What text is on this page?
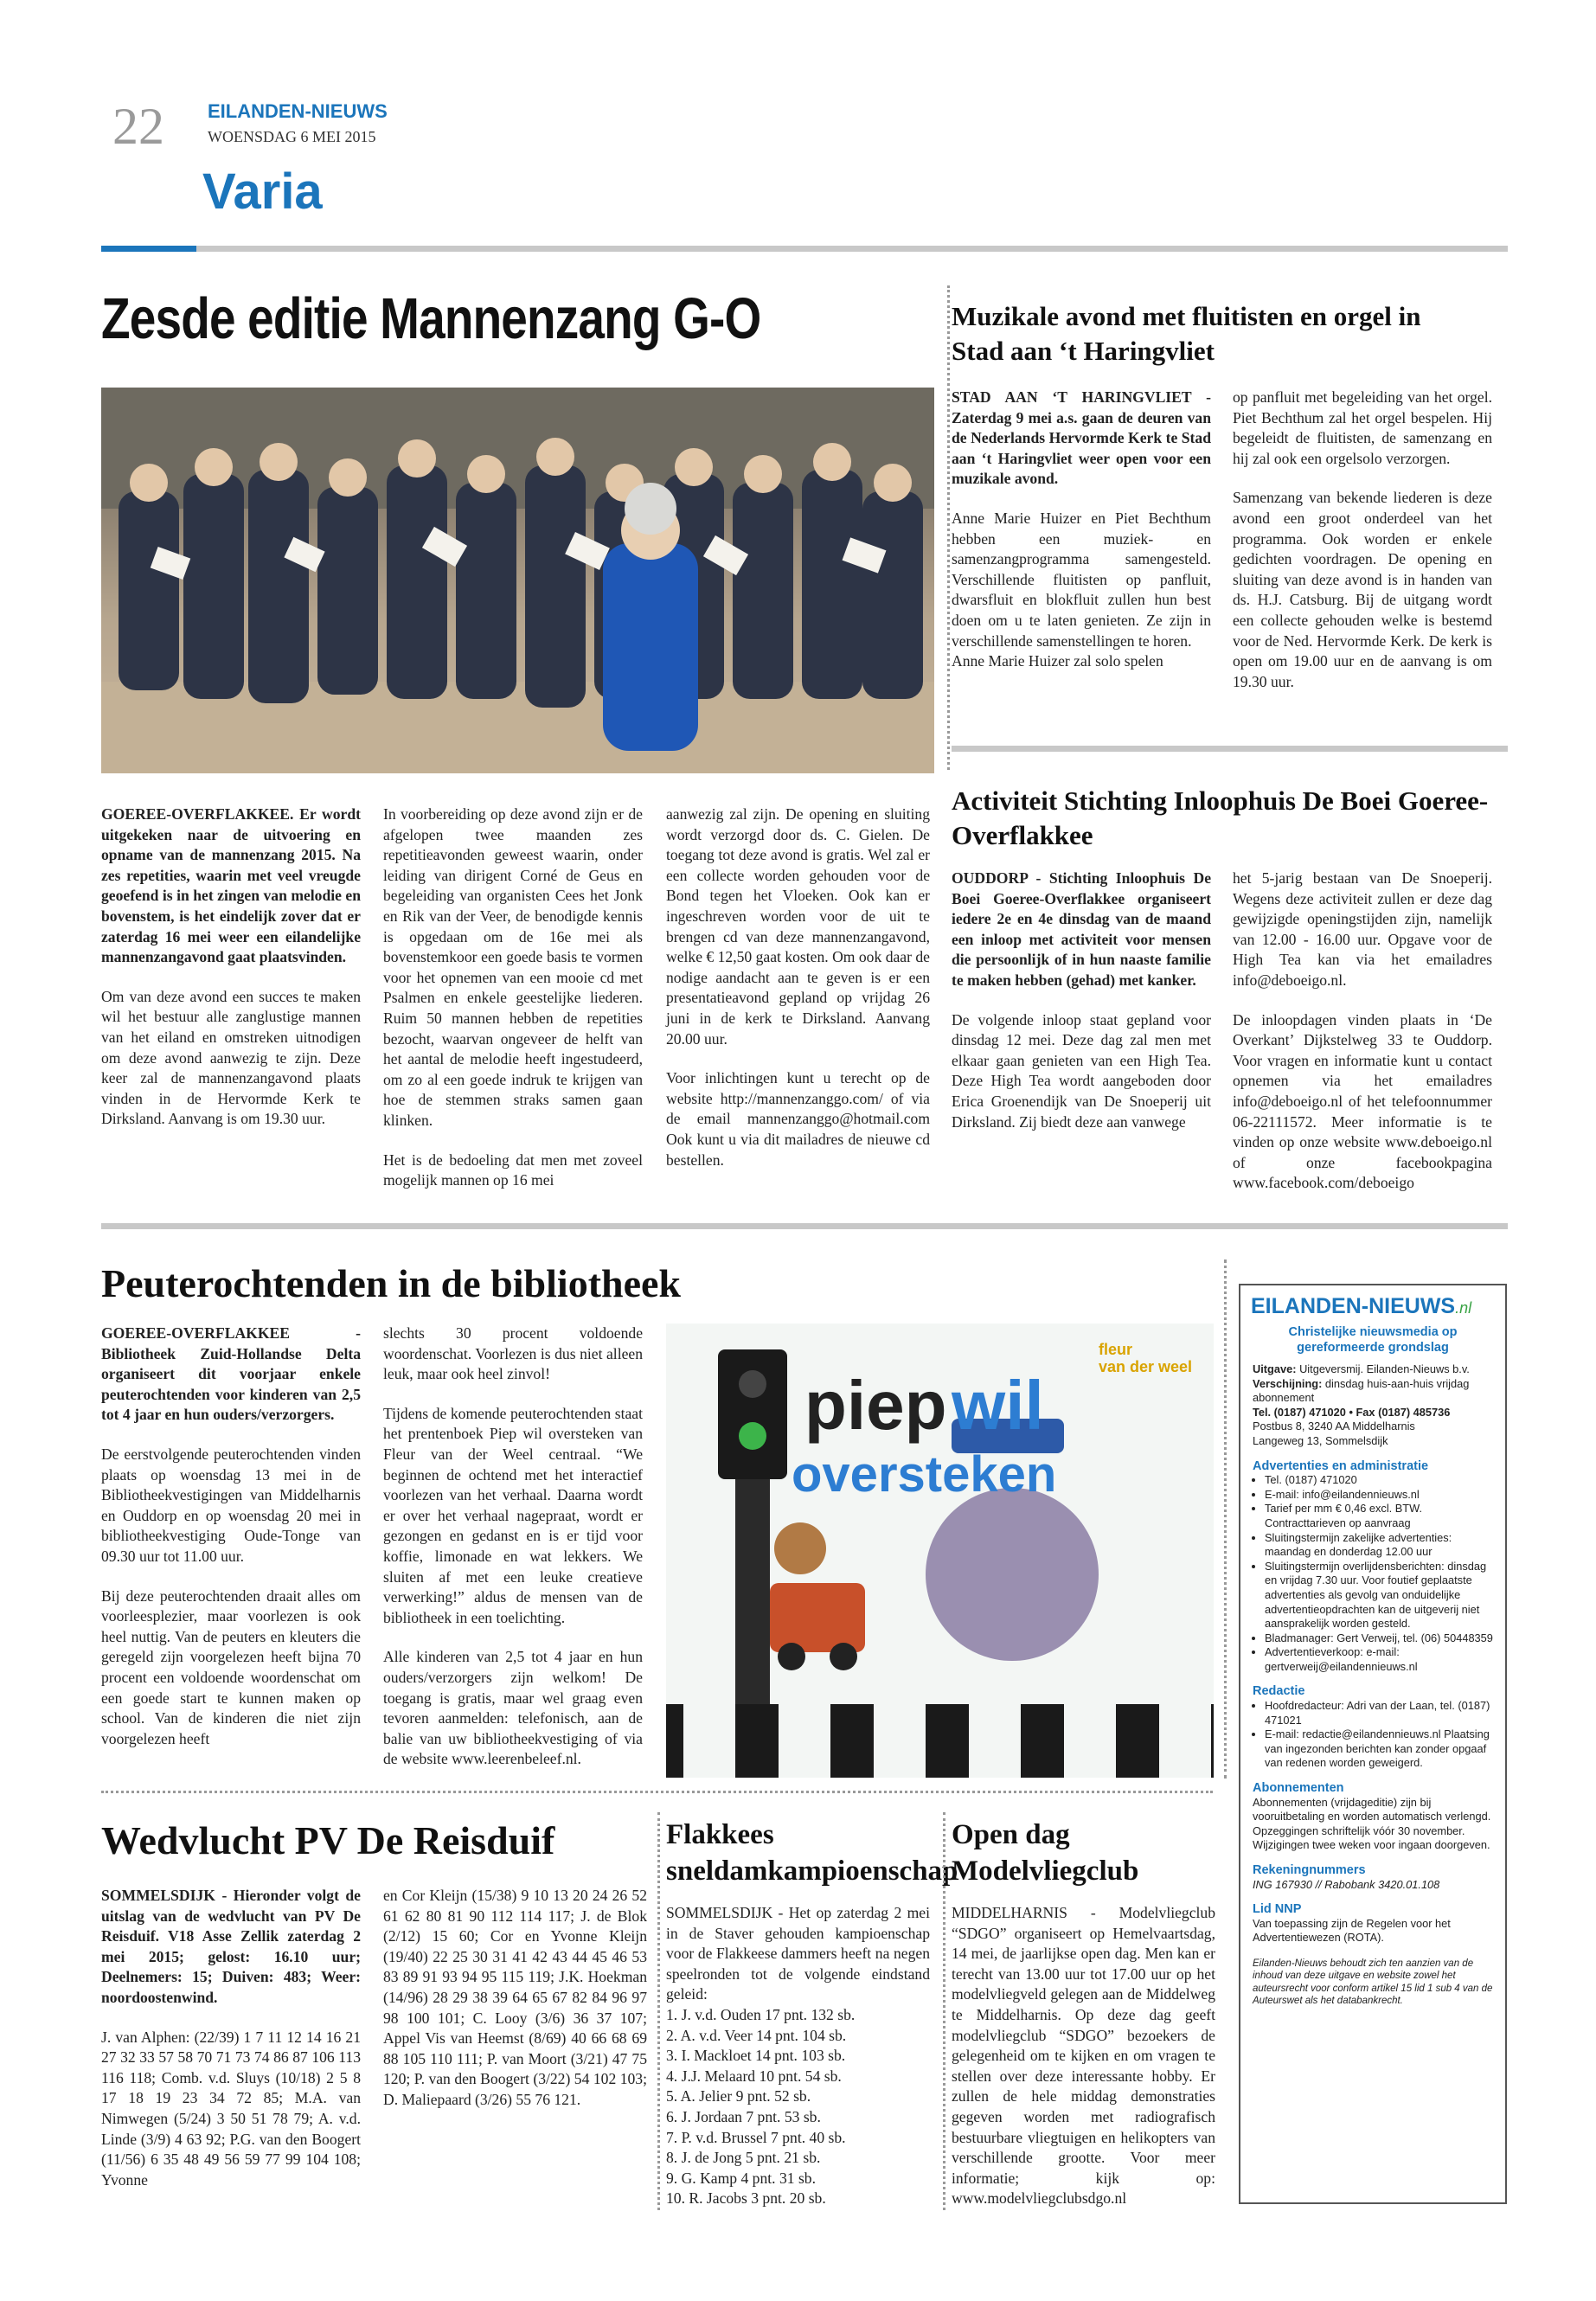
22 EILANDEN-NIEUWS
WOENSDAG 6 MEI 2015
Varia
Zesde editie Mannenzang G-O

GOEREE-OVERFLAKKEE. Er wordt uitgekeken naar de uitvoering en opname van de mannenzang 2015. Na zes repetities, waarin met veel vreugde geoefend is in het zingen van melodie en bovenstem, is het eindelijk zover dat er zaterdag 16 mei weer een eilandelijke mannenzangavond gaat plaatsvinden.

Om van deze avond een succes te maken wil het bestuur alle zanglustige mannen van het eiland en omstreken uitnodigen om deze avond aanwezig te zijn. Deze keer zal de mannenzangavond plaats vinden in de Hervormde Kerk te Dirksland. Aanvang is om 19.30 uur.

In voorbereiding op deze avond zijn er de afgelopen twee maanden zes repetitieavonden geweest waarin, onder leiding van dirigent Corné de Geus en begeleiding van organisten Cees het Jonk en Rik van der Veer, de benodigde kennis is opgedaan om de 16e mei als bovenstemkoor een goede basis te vormen voor het opnemen van een mooie cd met Psalmen en enkele geestelijke liederen. Ruim 50 mannen hebben de repetities bezocht, waarvan ongeveer de helft van het aantal de melodie heeft ingestudeerd, om zo al een goede indruk te krijgen van hoe de stemmen straks samen gaan klinken.

Het is de bedoeling dat men met zoveel mogelijk mannen op 16 mei

aanwezig zal zijn. De opening en sluiting wordt verzorgd door ds. C. Gielen. De toegang tot deze avond is gratis. Wel zal er een collecte worden gehouden voor de Bond tegen het Vloeken. Ook kan er ingeschreven worden voor de uit te brengen cd van deze mannenzangavond, welke € 12,50 gaat kosten. Om ook daar de nodige aandacht aan te geven is er een presentatieavond gepland op vrijdag 26 juni in de kerk te Dirksland. Aanvang 20.00 uur.

Voor inlichtingen kunt u terecht op de website http://mannenzanggo.com/ of via de email mannenzanggo@hotmail.com Ook kunt u via dit mailadres de nieuwe cd bestellen.

Muzikale avond met fluitisten en orgel in Stad aan ‘t Haringvliet

STAD AAN ‘T HARINGVLIET - Zaterdag 9 mei a.s. gaan de deuren van de Nederlands Hervormde Kerk te Stad aan ‘t Haringvliet weer open voor een muzikale avond.

Anne Marie Huizer en Piet Bechthum hebben een muziek- en samenzangprogramma samengesteld. Verschillende fluitisten op panfluit, dwarsfluit en blokfluit zullen hun best doen om u te laten genieten. Ze zijn in verschillende samenstellingen te horen.

Anne Marie Huizer zal solo spelen

op panfluit met begeleiding van het orgel. Piet Bechthum zal het orgel bespelen. Hij begeleidt de fluitisten, de samenzang en hij zal ook een orgelsolo verzorgen.

Samenzang van bekende liederen is deze avond een groot onderdeel van het programma. Ook worden er enkele gedichten voordragen. De opening en sluiting van deze avond is in handen van ds. H.J. Catsburg. Bij de uitgang wordt een collecte gehouden welke is bestemd voor de Ned. Hervormde Kerk. De kerk is open om 19.00 uur en de aanvang is om 19.30 uur.

Activiteit Stichting Inloophuis De Boei Goeree-Overflakkee

OUDDORP - Stichting Inloophuis De Boei Goeree-Overflakkee organiseert iedere 2e en 4e dinsdag van de maand een inloop met activiteit voor mensen die persoonlijk of in hun naaste familie te maken hebben (gehad) met kanker.

De volgende inloop staat gepland voor dinsdag 12 mei. Deze dag zal men met elkaar gaan genieten van een High Tea. Deze High Tea wordt aangeboden door Erica Groenendijk van De Snoeperij uit Dirksland. Zij biedt deze aan vanwege

het 5-jarig bestaan van De Snoeperij. Wegens deze activiteit zullen er deze dag gewijzigde openingstijden zijn, namelijk van 12.00 - 16.00 uur. Opgave voor de High Tea kan via het emailadres info@deboeigo.nl.

De inloopdagen vinden plaats in ‘De Overkant’ Dijkstelweg 33 te Ouddorp. Voor vragen en informatie kunt u contact opnemen via het emailadres info@deboeigo.nl of het telefoonnummer 06-22111572. Meer informatie is te vinden op onze website www.deboeigo.nl of onze facebookpagina www.facebook.com/deboeigo

Peuterochtenden in de bibliotheek

GOEREE-OVERFLAKKEE - Bibliotheek Zuid-Hollandse Delta organiseert dit voorjaar enkele peuterochtenden voor kinderen van 2,5 tot 4 jaar en hun ouders/verzorgers.

De eerstvolgende peuterochtenden vinden plaats op woensdag 13 mei in de Bibliotheekvestigingen van Middelharnis en Ouddorp en op woensdag 20 mei in bibliotheekvestiging Oude-Tonge van 09.30 uur tot 11.00 uur.

Bij deze peuterochtenden draait alles om voorleesplezier, maar voorlezen is ook heel nuttig. Van de peuters en kleuters die geregeld zijn voorgelezen heeft bijna 70 procent een voldoende woordenschat om een goede start te kunnen maken op school. Van de kinderen die niet zijn voorgelezen heeft

slechts 30 procent voldoende woordenschat. Voorlezen is dus niet alleen leuk, maar ook heel zinvol!

Tijdens de komende peuterochtenden staat het prentenboek Piep wil oversteken van Fleur van der Weel centraal. “We beginnen de ochtend met het interactief voorlezen van het verhaal. Daarna wordt er over het verhaal nagepraat, wordt er gezongen en gedanst en is er tijd voor koffie, limonade en wat lekkers. We sluiten af met een leuke creatieve verwerking!” aldus de mensen van de bibliotheek in een toelichting.

Alle kinderen van 2,5 tot 4 jaar en hun ouders/verzorgers zijn welkom! De toegang is gratis, maar wel graag even tevoren aanmelden: telefonisch, aan de balie van uw bibliotheekvestiging of via de website www.leerenbeleef.nl.

piep wil
oversteken
fleur
van der weel
EILANDEN-NIEUWS.nl
Christelijke nieuwsmedia op gereformeerde grondslag
Uitgave: Uitgeversmij. Eilanden-Nieuws b.v.
Verschijning: dinsdag huis-aan-huis vrijdag abonnement
Tel. (0187) 471020 • Fax (0187) 485736
Postbus 8, 3240 AA Middelharnis
Langeweg 13, Sommelsdijk
Advertenties en administratie
• Tel. (0187) 471020
• E-mail: info@eilandennieuws.nl
• Tarief per mm € 0,46 excl. BTW. Contracttarieven op aanvraag
• Sluitingstermijn zakelijke advertenties: maandag en donderdag 12.00 uur
• Sluitingstermijn overlijdensberichten: dinsdag en vrijdag 7.30 uur. Voor foutief geplaatste advertenties als gevolg van onduidelijke advertentieopdrachten kan de uitgeverij niet aansprakelijk worden gesteld.
• Bladmanager: Gert Verweij, tel. (06) 50448359
• Advertentieverkoop: e-mail: gertverweij@eilandennieuws.nl
Redactie
• Hoofdredacteur: Adri van der Laan, tel. (0187) 471021
• E-mail: redactie@eilandennieuws.nl Plaatsing van ingezonden berichten kan zonder opgaaf van redenen worden geweigerd.
Abonnementen
Abonnementen (vrijdageditie) zijn bij vooruitbetaling en worden automatisch verlengd. Opzeggingen schriftelijk vóór 30 november. Wijzigingen twee weken voor ingaan doorgeven.
Rekeningnummers
ING 167930 // Rabobank 3420.01.108
Lid NNP
Van toepassing zijn de Regelen voor het Advertentiewezen (ROTA).
Eilanden-Nieuws behoudt zich ten aanzien van de inhoud van deze uitgave en website zowel het auteursrecht voor conform artikel 15 lid 1 sub 4 van de Auteurswet als het databankrecht.
Wedvlucht PV De Reisduif

SOMMELSDIJK - Hieronder volgt de uitslag van de wedvlucht van PV De Reisduif. V18 Asse Zellik zaterdag 2 mei 2015; gelost: 16.10 uur; Deelnemers: 15; Duiven: 483; Weer: noordoostenwind.

J. van Alphen: (22/39) 1 7 11 12 14 16 21 27 32 33 57 58 70 71 73 74 86 87 106 113 116 118; Comb. v.d. Sluys (10/18) 2 5 8 17 18 19 23 34 72 85; M.A. van Nimwegen (5/24) 3 50 51 78 79; A. v.d. Linde (3/9) 4 63 92; P.G. van den Boogert (11/56) 6 35 48 49 56 59 77 99 104 108; Yvonne

en Cor Kleijn (15/38) 9 10 13 20 24 26 52 61 62 80 81 90 112 114 117; J. de Blok (2/12) 15 60; Cor en Yvonne Kleijn (19/40) 22 25 30 31 41 42 43 44 45 46 53 83 89 91 93 94 95 115 119; J.K. Hoekman (14/96) 28 29 38 39 64 65 67 82 84 96 97 98 100 101; C. Looy (3/6) 36 37 107; Appel Vis van Heemst (8/69) 40 66 68 69 88 105 110 111; P. van Moort (3/21) 47 75 120; P. van den Boogert (3/22) 54 102 103; D. Maliepaard (3/26) 55 76 121.

Flakkees sneldamkampioenschap

SOMMELSDIJK - Het op zaterdag 2 mei in de Staver gehouden kampioenschap voor de Flakkeese dammers heeft na negen speelronden tot de volgende eindstand geleid:

1. J. v.d. Ouden 17 pnt. 132 sb.
2. A. v.d. Veer 14 pnt. 104 sb.
3. I. Mackloet 14 pnt. 103 sb.
4. J.J. Melaard 10 pnt. 54 sb.
5. A. Jelier 9 pnt. 52 sb.
6. J. Jordaan 7 pnt. 53 sb.
7. P. v.d. Brussel 7 pnt. 40 sb.
8. J. de Jong 5 pnt. 21 sb.
9. G. Kamp 4 pnt. 31 sb.
10. R. Jacobs 3 pnt. 20 sb.
Open dag Modelvliegclub

MIDDELHARNIS - Modelvliegclub “SDGO” organiseert op Hemelvaartsdag, 14 mei, de jaarlijkse open dag. Men kan er terecht van 13.00 uur tot 17.00 uur op het modelvliegveld gelegen aan de Middelweg te Middelharnis. Op deze dag geeft modelvliegclub “SDGO” bezoekers de gelegenheid om te kijken en om vragen te stellen over deze interessante hobby. Er zullen de hele middag demonstraties gegeven worden met radiografisch bestuurbare vliegtuigen en helikopters van verschillende grootte. Voor meer informatie; kijk op: www.modelvliegclubsdgo.nl
